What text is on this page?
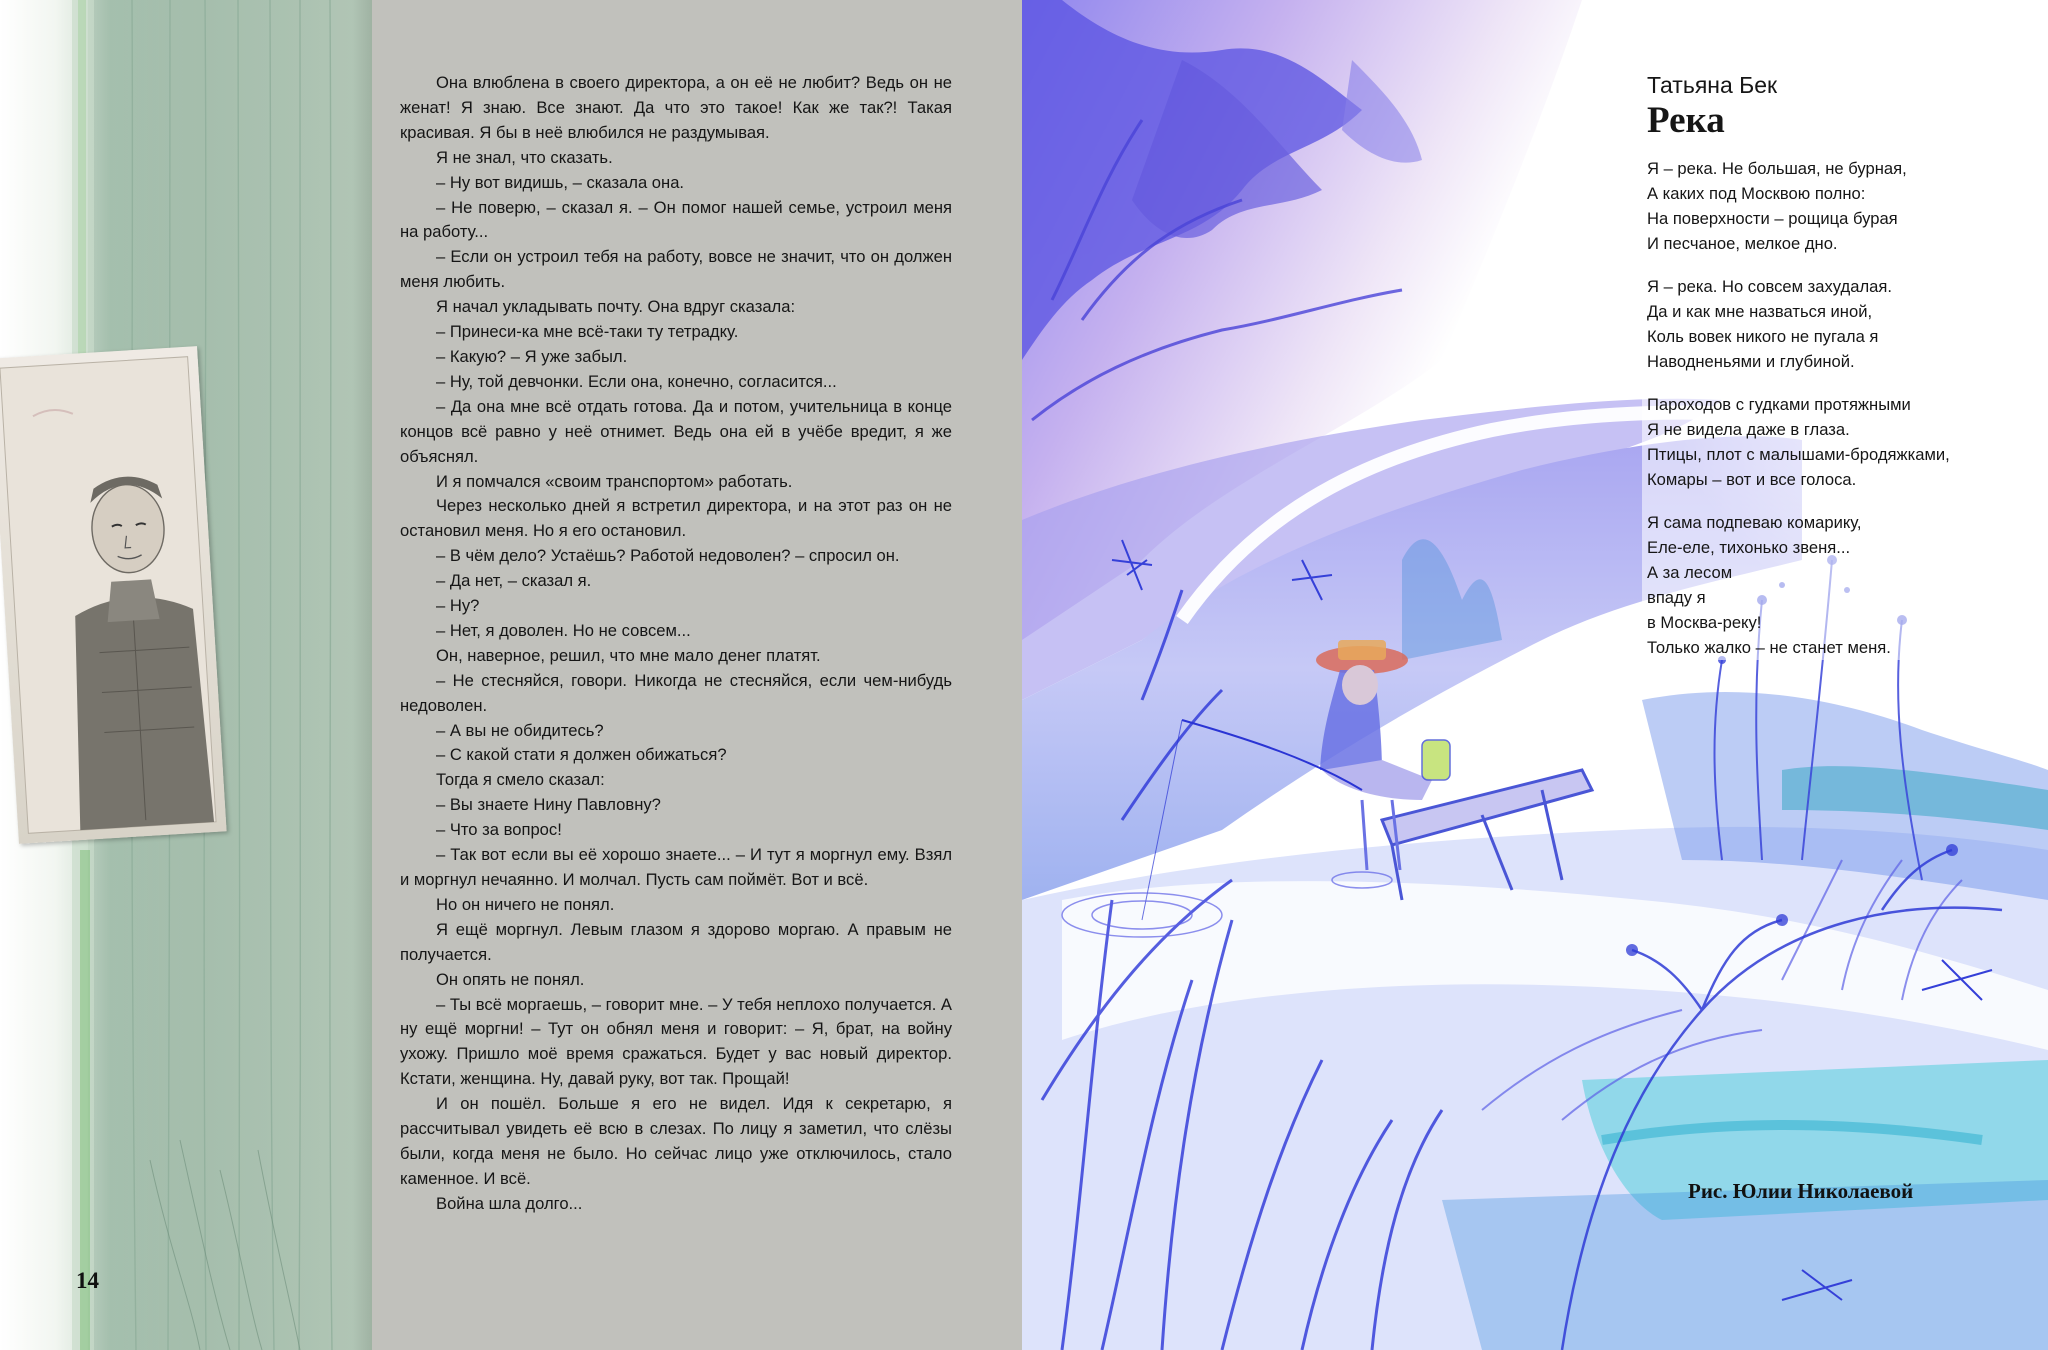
Она влюблена в своего директора, а он её не любит? Ведь он не женат! Я знаю. Все знают. Да что это такое! Как же так?! Такая красивая. Я бы в неё влюбился не раздумывая.

Я не знал, что сказать.

– Ну вот видишь, – сказала она.

– Не поверю, – сказал я. – Он помог нашей семье, устроил меня на работу...

– Если он устроил тебя на работу, вовсе не значит, что он должен меня любить.

Я начал укладывать почту. Она вдруг сказала:

– Принеси-ка мне всё-таки ту тетрадку.

– Какую? – Я уже забыл.

– Ну, той девчонки. Если она, конечно, согласится...

– Да она мне всё отдать готова. Да и потом, учительница в конце концов всё равно у неё отнимет. Ведь она ей в учёбе вредит, я же объяснял.

И я помчался «своим транспортом» работать.

Через несколько дней я встретил директора, и на этот раз он не остановил меня. Но я его остановил.

– В чём дело? Устаёшь? Работой недоволен? – спросил он.

– Да нет, – сказал я.

– Ну?

– Нет, я доволен. Но не совсем...

Он, наверное, решил, что мне мало денег платят.

– Не стесняйся, говори. Никогда не стесняйся, если чем-нибудь недоволен.

– А вы не обидитесь?

– С какой стати я должен обижаться?

Тогда я смело сказал:

– Вы знаете Нину Павловну?

– Что за вопрос!

– Так вот если вы её хорошо знаете... – И тут я моргнул ему. Взял и моргнул нечаянно. И молчал. Пусть сам поймёт. Вот и всё.

Но он ничего не понял.

Я ещё моргнул. Левым глазом я здорово моргаю. А правым не получается.

Он опять не понял.

– Ты всё моргаешь, – говорит мне. – У тебя неплохо получается. А ну ещё моргни! – Тут он обнял меня и говорит: – Я, брат, на войну ухожу. Пришло моё время сражаться. Будет у вас новый директор. Кстати, женщина. Ну, давай руку, вот так. Прощай!

И он пошёл. Больше я его не видел. Идя к секретарю, я рассчитывал увидеть её всю в слезах. По лицу я заметил, что слёзы были, когда меня не было. Но сейчас лицо уже отключилось, стало каменное. И всё.

Война шла долго...

14
Татьяна Бек
Река
Я – река. Не большая, не бурная,
А каких под Москвою полно:
На поверхности – рощица бурая
И песчаное, мелкое дно.
Я – река. Но совсем захудалая.
Да и как мне назваться иной,
Коль вовек никого не пугала я
Наводненьями и глубиной.
Пароходов с гудками протяжными
Я не видела даже в глаза.
Птицы, плот с малышами-бродяжками,
Комары – вот и все голоса.
Я сама подпеваю комарику,
Еле-еле, тихонько звеня...
А за лесом
впаду я
в Москва-реку!
Только жалко – не станет меня.
Рис. Юлии Николаевой
